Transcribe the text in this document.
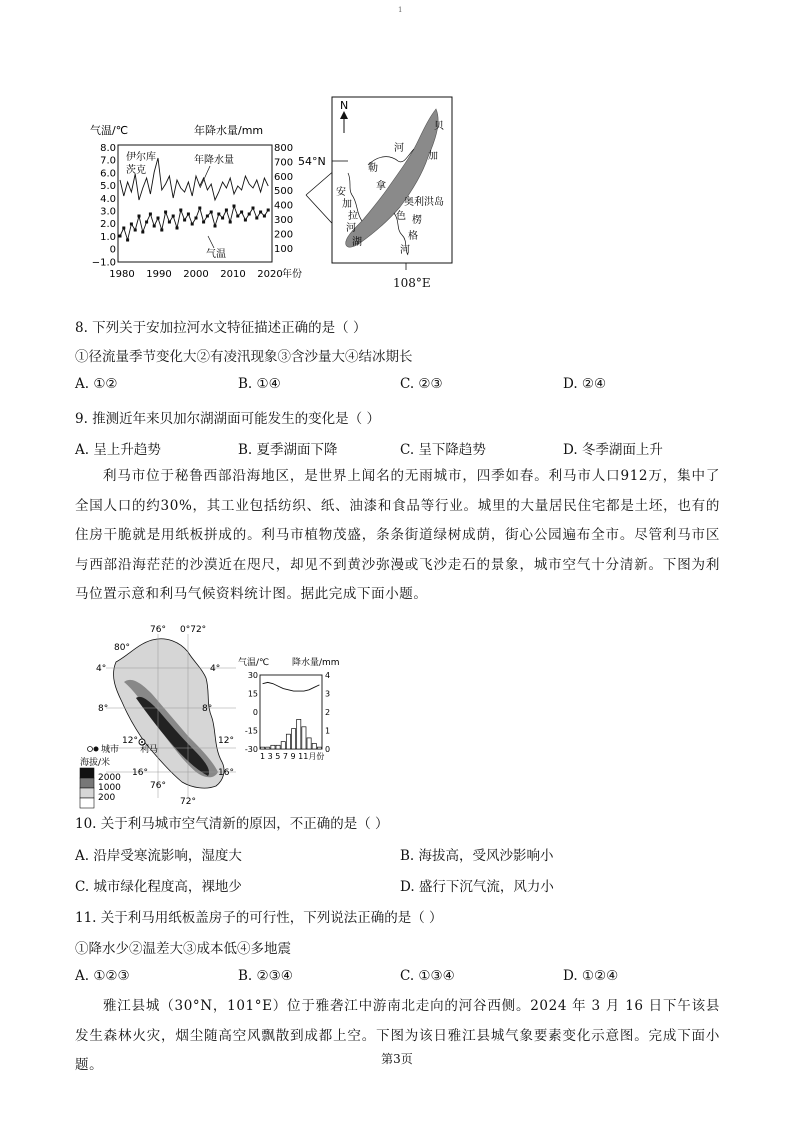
1
气温/℃	年降水量/mm
8.0
7.0
6.0
5.0
4.0
3.0
2.0
1.0
0
−1.0
800
700
600
500
400
300
200
100
1980 1990 2000 2010 2020 年份
伊尔库
茨克
年降水量
气温
N
54°N
勒
拿
河
贝
加
奥利洪岛
色 楞
格
河
安
加
拉
河
湖
108°E
8. 下列关于安加拉河水文特征描述正确的是（ ）
①径流量季节变化大②有凌汛现象③含沙量大④结冰期长
A. ①②	B. ①④	C. ②③	D. ②④
9. 推测近年来贝加尔湖湖面可能发生的变化是（ ）
A. 呈上升趋势	B. 夏季湖面下降	C. 呈下降趋势	D. 冬季湖面上升
利马市位于秘鲁西部沿海地区，是世界上闻名的无雨城市，四季如春。利马市人口912万，集中了全国人口的约30%，其工业包括纺织、纸、油漆和食品等行业。城里的大量居民住宅都是土坯，也有的住房干脆就是用纸板拼成的。利马市植物茂盛，条条街道绿树成荫，街心公园遍布全市。尽管利马市区与西部沿海茫茫的沙漠近在咫尺，却见不到黄沙弥漫或飞沙走石的景象，城市空气十分清新。下图为利马位置示意和利马气候资料统计图。据此完成下面小题。
76° 0°72°
80°
4°
8°
12°
16°
4°
8°
12°
16°
76°
72°
利马
城市
海拔/米
2000
1000
200
气温/℃	降水量/mm
30
15
0
-15
-30
4
3
2
1
0
1 3 5 7 9 11月份
10. 关于利马城市空气清新的原因，不正确的是（ ）
A. 沿岸受寒流影响，湿度大	B. 海拔高，受风沙影响小
C. 城市绿化程度高，裸地少	D. 盛行下沉气流，风力小
11. 关于利马用纸板盖房子的可行性，下列说法正确的是（ ）
①降水少②温差大③成本低④多地震
A. ①②③	B. ②③④	C. ①③④	D. ①②④
雅江县城（30°N，101°E）位于雅砻江中游南北走向的河谷西侧。2024 年 3 月 16 日下午该县发生森林火灾，烟尘随高空风飘散到成都上空。下图为该日雅江县城气象要素变化示意图。完成下面小题。	第3页
